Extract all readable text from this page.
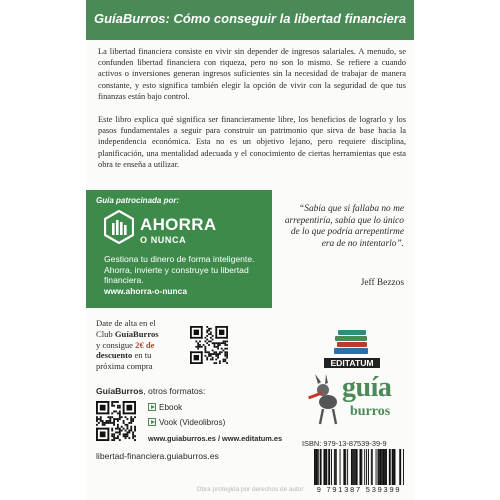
GuíaBurros: Cómo conseguir la libertad financiera

La libertad financiera consiste en vivir sin depender de ingresos salariales. A menudo, se confunden libertad financiera con riqueza, pero no son lo mismo. Se refiere a cuando activos o inversiones generan ingresos suficientes sin la necesidad de trabajar de manera constante, y esto significa también elegir la opción de vivir con la seguridad de que tus finanzas están bajo control.

Este libro explica qué significa ser financieramente libre, los beneficios de lograrlo y los pasos fundamentales a seguir para construir un patrimonio que sirva de base hacia la independencia económica. Esta no es un objetivo lejano, pero requiere disciplina, planificación, una mentalidad adecuada y el conocimiento de ciertas herramientas que esta obra te enseña a utilizar.

Guía patrocinada por:
AHORRA
O NUNCA
Gestiona tu dinero de forma inteligente. Ahorra, invierte y construye tu libertad financiera.
www.ahorra-o-nunca
“Sabía que si fallaba no me arrepentiría, sabía que lo único de lo que podría arrepentirme era de no intentarlo”.
Jeff Bezzos
Date de alta en el
Club GuíaBurros
y consigue 2€ de
descuento en tu
próxima compra
GuíaBurros, otros formatos:
Ebook
Vook (Videolibros)
www.guiaburros.es / www.editatum.es
libertad-financiera.guiaburros.es
EDITATUM
guía
burros
ISBN: 979-13-87539-39-9
9 791387 539399
Obra protegida por derechos de autor
